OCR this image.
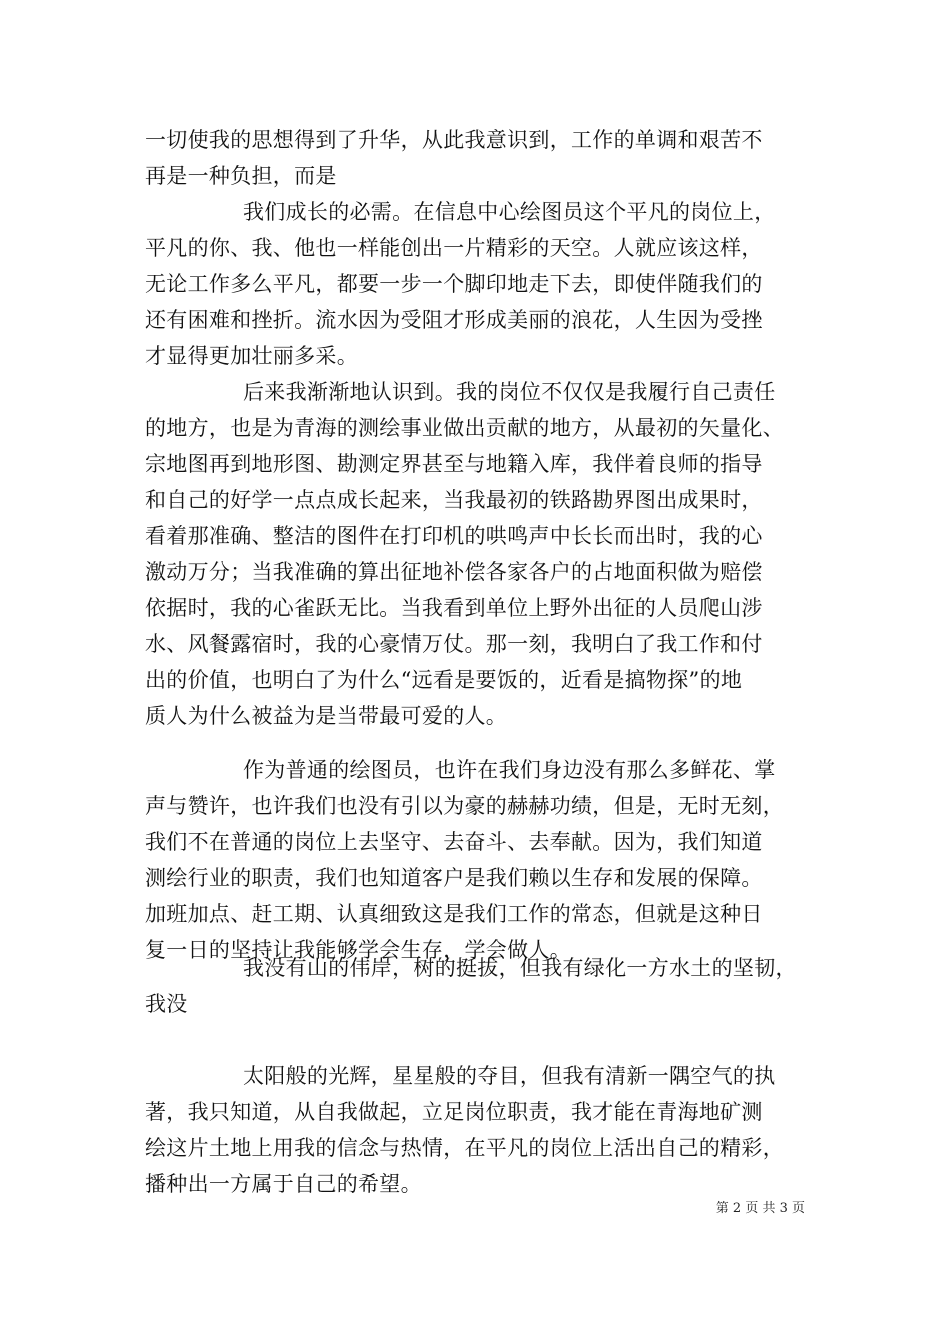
一切使我的思想得到了升华，从此我意识到，工作的单调和艰苦不
再是一种负担，而是

我们成长的必需。在信息中心绘图员这个平凡的岗位上，
平凡的你、我、他也一样能创出一片精彩的天空。人就应该这样，
无论工作多么平凡，都要一步一个脚印地走下去，即使伴随我们的
还有困难和挫折。流水因为受阻才形成美丽的浪花，人生因为受挫
才显得更加壮丽多采。

后来我渐渐地认识到。我的岗位不仅仅是我履行自己责任
的地方，也是为青海的测绘事业做出贡献的地方，从最初的矢量化、
宗地图再到地形图、勘测定界甚至与地籍入库，我伴着良师的指导
和自己的好学一点点成长起来，当我最初的铁路勘界图出成果时，
看着那准确、整洁的图件在打印机的哄鸣声中长长而出时，我的心
激动万分；当我准确的算出征地补偿各家各户的占地面积做为赔偿
依据时，我的心雀跃无比。当我看到单位上野外出征的人员爬山涉
水、风餐露宿时，我的心豪情万仗。那一刻，我明白了我工作和付
出的价值，也明白了为什么“远看是要饭的，近看是搞物探”的地
质人为什么被益为是当带最可爱的人。

作为普通的绘图员，也许在我们身边没有那么多鲜花、掌
声与赞许，也许我们也没有引以为豪的赫赫功绩，但是，无时无刻，
我们不在普通的岗位上去坚守、去奋斗、去奉献。因为，我们知道
测绘行业的职责，我们也知道客户是我们赖以生存和发展的保障。
加班加点、赶工期、认真细致这是我们工作的常态，但就是这种日
复一日的坚持让我能够学会生存，学会做人。

我没有山的伟岸，树的挺拔，但我有绿化一方水土的坚韧，
我没

太阳般的光辉，星星般的夺目，但我有清新一隅空气的执
著，我只知道，从自我做起，立足岗位职责，我才能在青海地矿测
绘这片土地上用我的信念与热情，在平凡的岗位上活出自己的精彩，
播种出一方属于自己的希望。

第 2 页 共 3 页
